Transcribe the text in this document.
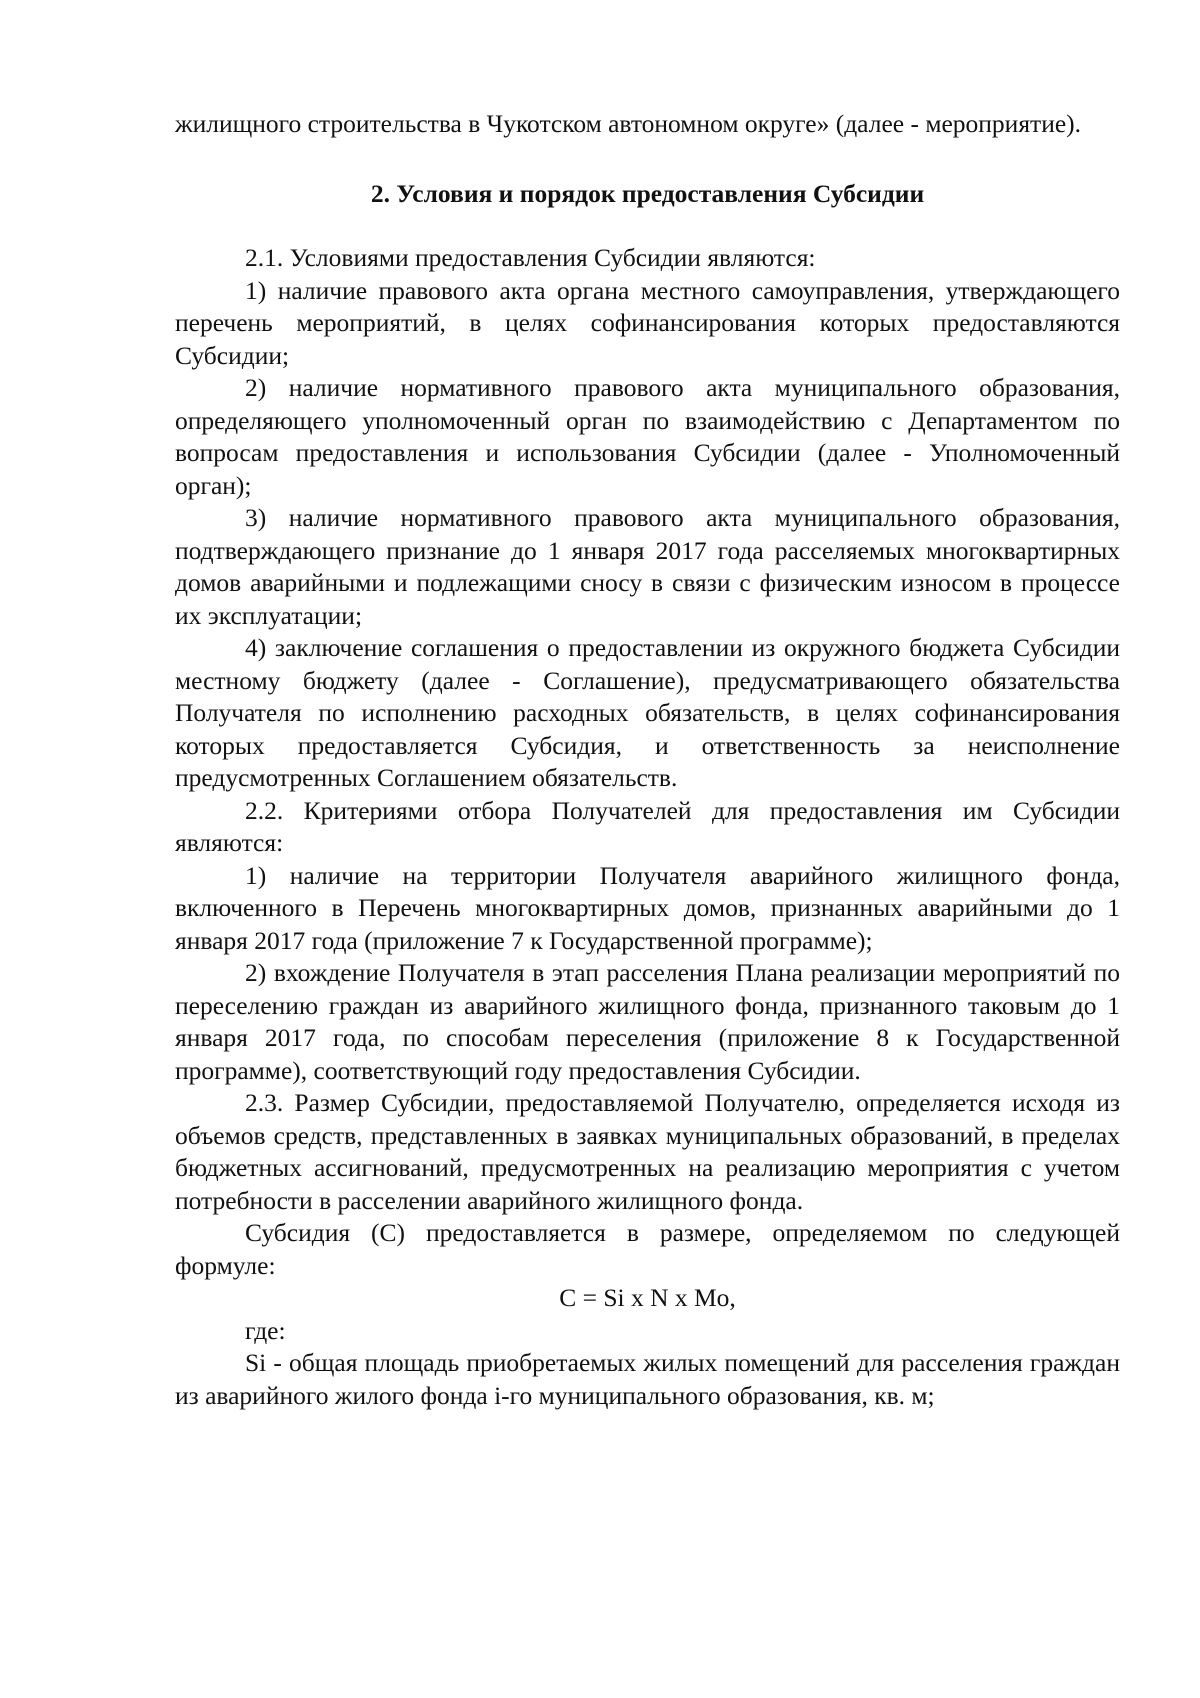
жилищного строительства в Чукотском автономном округе» (далее - мероприятие).

2. Условия и порядок предоставления Субсидии

2.1. Условиями предоставления Субсидии являются:

1) наличие правового акта органа местного самоуправления, утверждающего перечень мероприятий, в целях софинансирования которых предоставляются Субсидии;

2) наличие нормативного правового акта муниципального образования, определяющего уполномоченный орган по взаимодействию с Департаментом по вопросам предоставления и использования Субсидии (далее - Уполномоченный орган);

3) наличие нормативного правового акта муниципального образования, подтверждающего признание до 1 января 2017 года расселяемых многоквартирных домов аварийными и подлежащими сносу в связи с физическим износом в процессе их эксплуатации;

4) заключение соглашения о предоставлении из окружного бюджета Субсидии местному бюджету (далее - Соглашение), предусматривающего обязательства Получателя по исполнению расходных обязательств, в целях софинансирования которых предоставляется Субсидия, и ответственность за неисполнение предусмотренных Соглашением обязательств.

2.2. Критериями отбора Получателей для предоставления им Субсидии являются:

1) наличие на территории Получателя аварийного жилищного фонда, включенного в Перечень многоквартирных домов, признанных аварийными до 1 января 2017 года (приложение 7 к Государственной программе);

2) вхождение Получателя в этап расселения Плана реализации мероприятий по переселению граждан из аварийного жилищного фонда, признанного таковым до 1 января 2017 года, по способам переселения (приложение 8 к Государственной программе), соответствующий году предоставления Субсидии.

2.3. Размер Субсидии, предоставляемой Получателю, определяется исходя из объемов средств, представленных в заявках муниципальных образований, в пределах бюджетных ассигнований, предусмотренных на реализацию мероприятия с учетом потребности в расселении аварийного жилищного фонда.

Субсидия (С) предоставляется в размере, определяемом по следующей формуле:

C = Si x N x Mo,

где:

Si - общая площадь приобретаемых жилых помещений для расселения граждан из аварийного жилого фонда i-го муниципального образования, кв. м;
